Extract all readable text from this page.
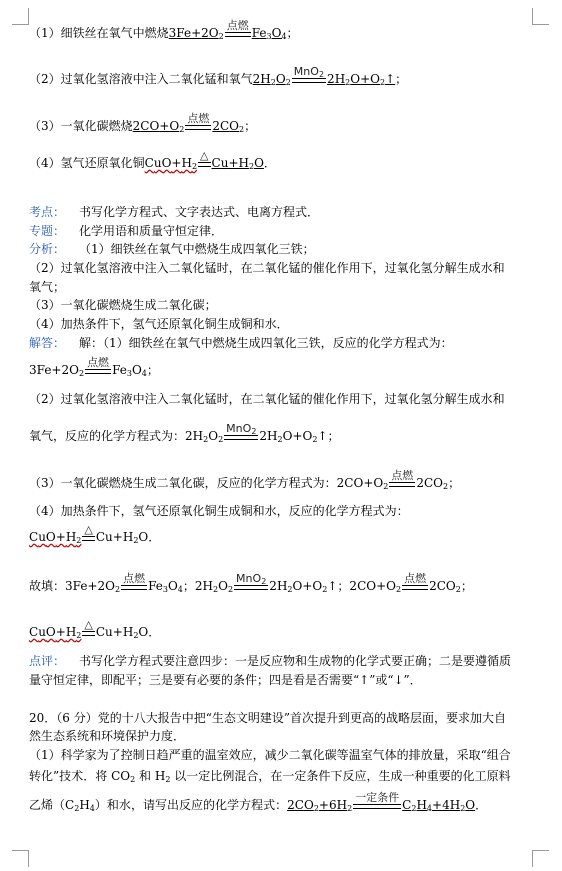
（1） 细铁丝在氧气中燃烧 $3Fe+2O_2$
点燃
$Fe_3O_4$ ；
（2） 过氧化氢溶液中注入二氧化锰和氧气 $2H_2O_2$
MnO$_2$ $2H_2O+O_2↑$ ；
（3） 一氧化碳燃烧 $2CO+O_2$
点燃
$2CO_2$ ；
（4） 氢气还原氧化铜 $CuO+H_2$
△
$Cu+H_2O$ ．
考点：	书写化学方程式、文字表达式、电离方程式．
专题：	化学用语和质量守恒定律．
分析：	（1）细铁丝在氧气中燃烧生成四氧化三铁；
（2）过氧化氢溶液中注入二氧化锰时，在二氧化锰的催化作用下，过氧化氢分解生成水和
氧气；
（3）一氧化碳燃烧生成二氧化碳；
（4）加热条件下，氢气还原氧化铜生成铜和水．
解答：	解：（1）细铁丝在氧气中燃烧生成四氧化三铁，反应的化学方程式为：
$3Fe+2O_2$
点燃
$Fe_3O_4$ ；
（2）过氧化氢溶液中注入二氧化锰时，在二氧化锰的催化作用下，过氧化氢分解生成水和
氧气，反应的化学方程式为： $2H_2O_2$
MnO$_2$ $2H_2O+O_2↑$ ；
（3）一氧化碳燃烧生成二氧化碳，反应的化学方程式为： $2CO+O_2$
点燃
$2CO_2$ ；
（4）加热条件下，氢气还原氧化铜生成铜和水，反应的化学方程式为：
$CuO+H_2$
△
$Cu+H_2O$ ．
故填： $3Fe+2O_2$
点燃
$Fe_3O_4$ ； $2H_2O_2$
MnO$_2$ $2H_2O+O_2↑$ ； $2CO+O_2$
点燃
$2CO_2$ ；
$CuO+H_2$
△
$Cu+H_2O$ ．
点评：	书写化学方程式要注意四步：一是反应物和生成物的化学式要正确；二是要遵循质
量守恒定律，即配平；三是要有必要的条件；四是看是否需要“↑”或“↓”．
20．（6 分）党的十八大报告中把“生态文明建设”首次提升到更高的战略层面，要求加大自
然生态系统和环境保护力度．
（1）科学家为了控制日趋严重的温室效应，减少二氧化碳等温室气体的排放量，采取“组合
转化”技术．将 $CO_2$ 和 $H_2$ 以一定比例混合，在一定条件下反应，生成一种重要的化工原料
乙烯$(C_2H_4)$和水，请写出反应的化学方程式： $2CO_2+6H_2$
一定条件
$C_2H_4+4H_2O$ ．
